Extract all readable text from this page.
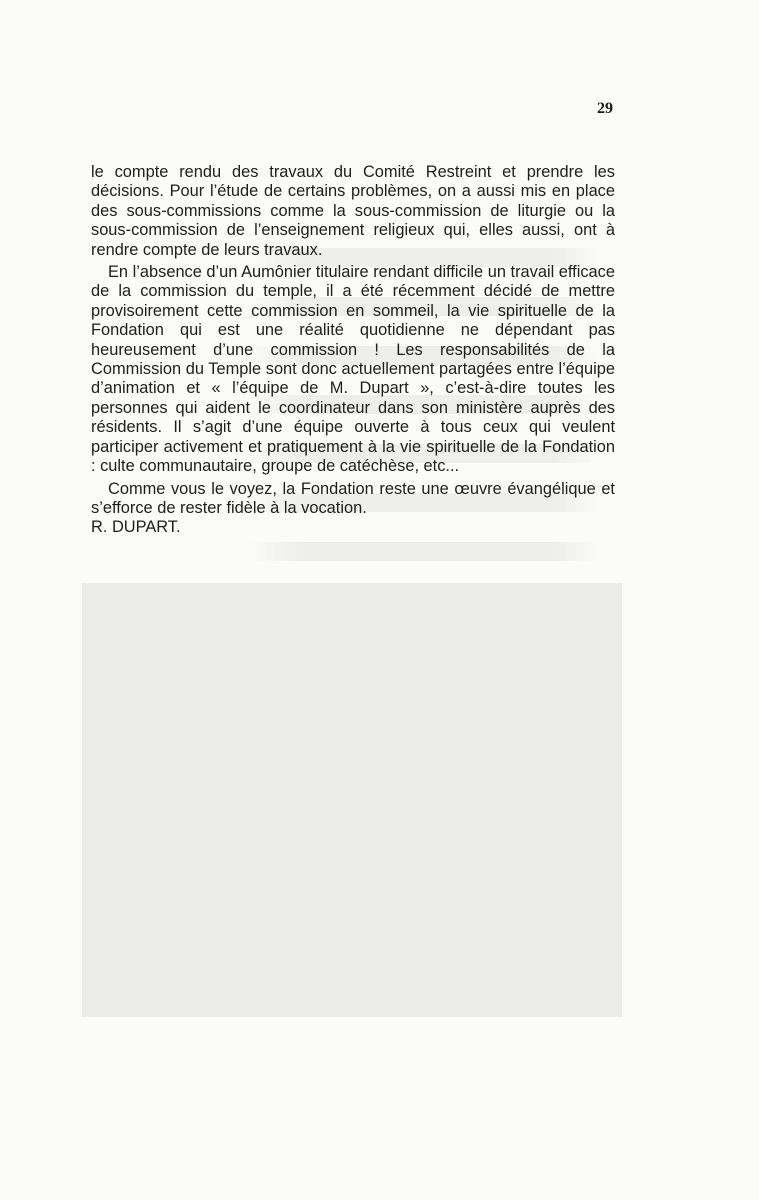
29

le compte rendu des travaux du Comité Restreint et prendre les décisions. Pour l’étude de certains problèmes, on a aussi mis en place des sous-commissions comme la sous-commission de liturgie ou la sous-commission de l’enseignement religieux qui, elles aussi, ont à rendre compte de leurs travaux.

En l’absence d’un Aumônier titulaire rendant difficile un travail efficace de la commission du temple, il a été récemment décidé de mettre provisoirement cette commission en sommeil, la vie spirituelle de la Fondation qui est une réalité quotidienne ne dépendant pas heureusement d’une commission ! Les responsabilités de la Commission du Temple sont donc actuellement partagées entre l’équipe d’animation et « l’équipe de M. Dupart », c’est-à-dire toutes les personnes qui aident le coordinateur dans son ministère auprès des résidents. Il s’agit d’une équipe ouverte à tous ceux qui veulent participer activement et pratiquement à la vie spirituelle de la Fondation : culte communautaire, groupe de catéchèse, etc...

Comme vous le voyez, la Fondation reste une œuvre évangélique et s’efforce de rester fidèle à la vocation.

R. DUPART.
